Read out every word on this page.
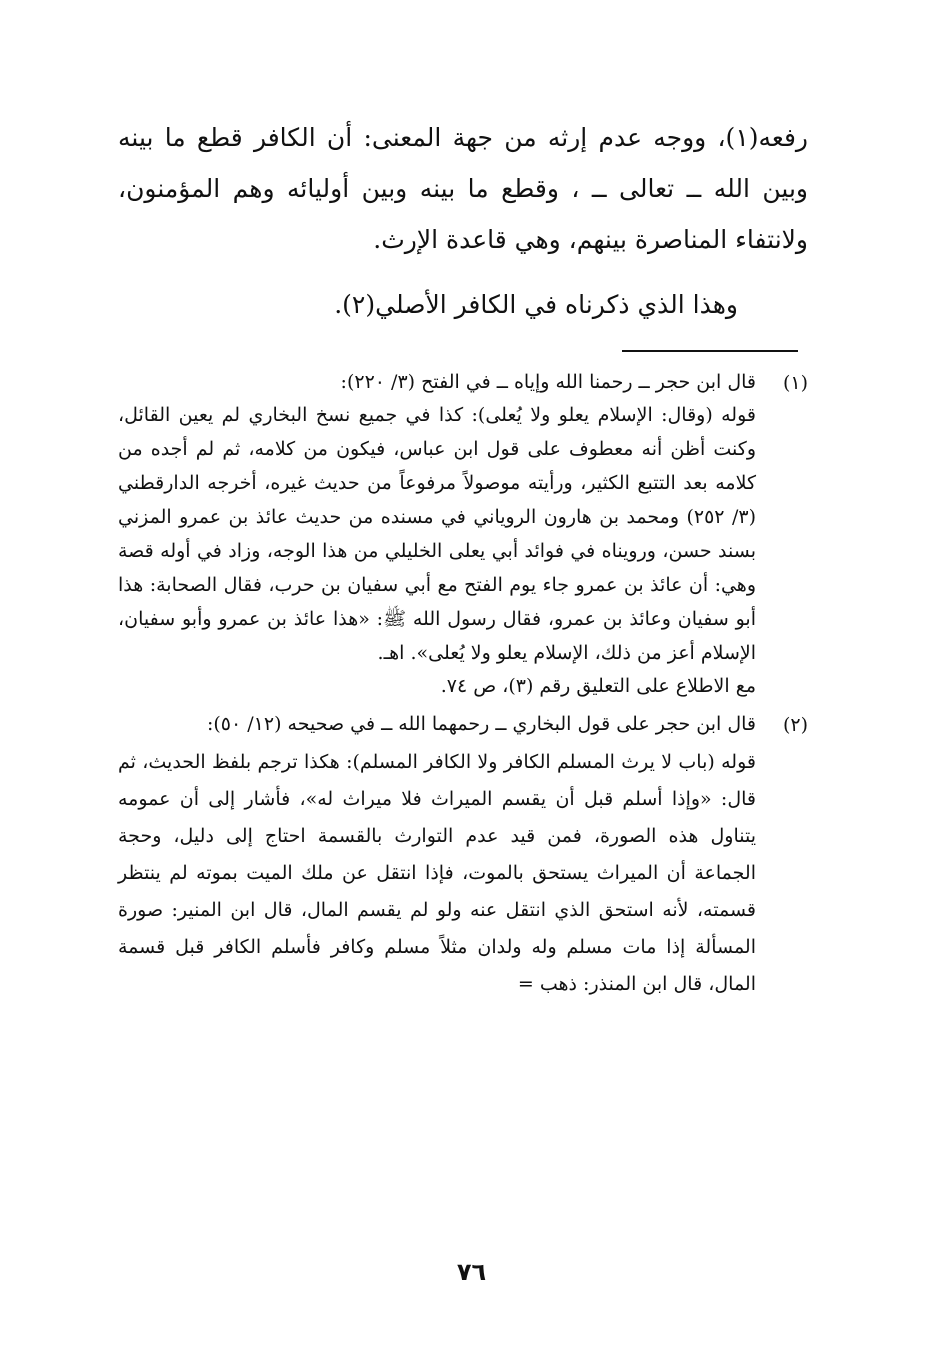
رفعه(١)، ووجه عدم إرثه من جهة المعنى: أن الكافر قطع ما بينه وبين الله ــ تعالى ــ ، وقطع ما بينه وبين أوليائه وهم المؤمنون، ولانتفاء المناصرة بينهم، وهي قاعدة الإرث.

وهذا الذي ذكرناه في الكافر الأصلي(٢).

(١)

قال ابن حجر ــ رحمنا الله وإياه ــ في الفتح (٣/ ٢٢٠):

قوله (وقال: الإسلام يعلو ولا يُعلى): كذا في جميع نسخ البخاري لم يعين القائل، وكنت أظن أنه معطوف على قول ابن عباس، فيكون من كلامه، ثم لم أجده من كلامه بعد التتبع الكثير، ورأيته موصولاً مرفوعاً من حديث غيره، أخرجه الدارقطني (٣/ ٢٥٢) ومحمد بن هارون الروياني في مسنده من حديث عائذ بن عمرو المزني بسند حسن، ورويناه في فوائد أبي يعلى الخليلي من هذا الوجه، وزاد في أوله قصة وهي: أن عائذ بن عمرو جاء يوم الفتح مع أبي سفيان بن حرب، فقال الصحابة: هذا أبو سفيان وعائذ بن عمرو، فقال رسول الله ﷺ: «هذا عائذ بن عمرو وأبو سفيان، الإسلام أعز من ذلك، الإسلام يعلو ولا يُعلى». اهـ.

مع الاطلاع على التعليق رقم (٣)، ص ٧٤.

(٢)

قال ابن حجر على قول البخاري ــ رحمهما الله ــ في صحيحه (١٢/ ٥٠):

قوله (باب لا يرث المسلم الكافر ولا الكافر المسلم): هكذا ترجم بلفظ الحديث، ثم قال: «وإذا أسلم قبل أن يقسم الميراث فلا ميراث له»، فأشار إلى أن عمومه يتناول هذه الصورة، فمن قيد عدم التوارث بالقسمة احتاج إلى دليل، وحجة الجماعة أن الميراث يستحق بالموت، فإذا انتقل عن ملك الميت بموته لم ينتظر قسمته، لأنه استحق الذي انتقل عنه ولو لم يقسم المال، قال ابن المنير: صورة المسألة إذا مات مسلم وله ولدان مثلاً مسلم وكافر فأسلم الكافر قبل قسمة المال، قال ابن المنذر: ذهب =

٧٦
